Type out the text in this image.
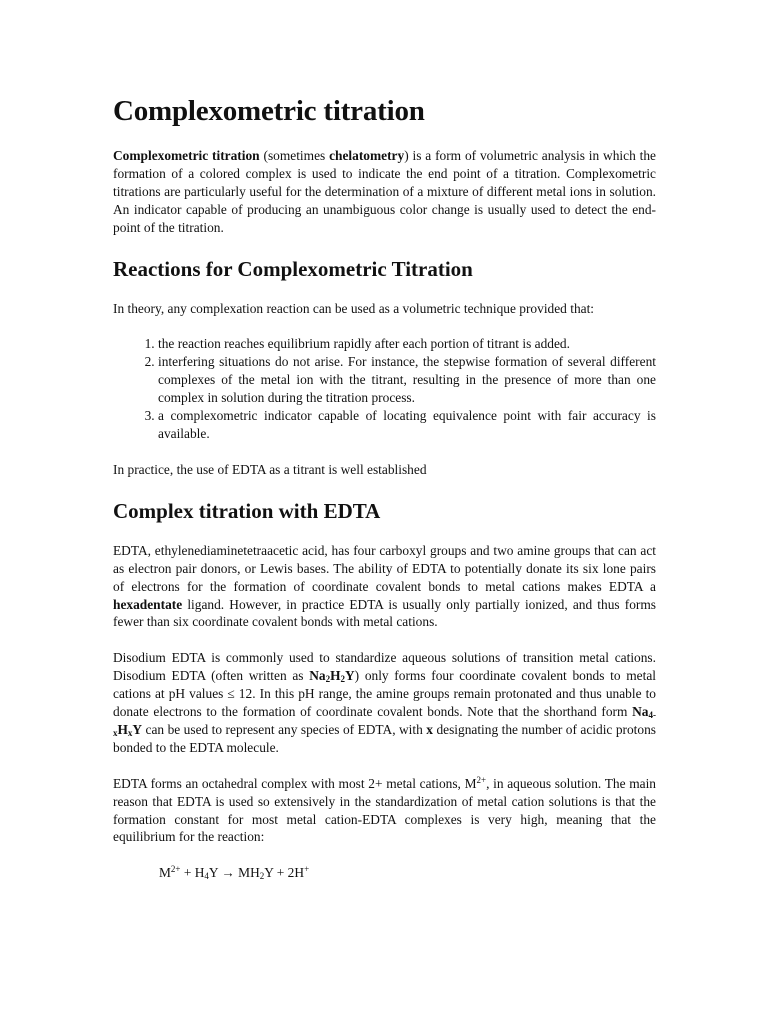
Complexometric titration

Complexometric titration (sometimes chelatometry) is a form of volumetric analysis in which the formation of a colored complex is used to indicate the end point of a titration. Complexometric titrations are particularly useful for the determination of a mixture of different metal ions in solution. An indicator capable of producing an unambiguous color change is usually used to detect the end-point of the titration.

Reactions for Complexometric Titration

In theory, any complexation reaction can be used as a volumetric technique provided that:

1. the reaction reaches equilibrium rapidly after each portion of titrant is added.
2. interfering situations do not arise. For instance, the stepwise formation of several different complexes of the metal ion with the titrant, resulting in the presence of more than one complex in solution during the titration process.
3. a complexometric indicator capable of locating equivalence point with fair accuracy is available.

In practice, the use of EDTA as a titrant is well established

Complex titration with EDTA

EDTA, ethylenediaminetetraacetic acid, has four carboxyl groups and two amine groups that can act as electron pair donors, or Lewis bases. The ability of EDTA to potentially donate its six lone pairs of electrons for the formation of coordinate covalent bonds to metal cations makes EDTA a hexadentate ligand. However, in practice EDTA is usually only partially ionized, and thus forms fewer than six coordinate covalent bonds with metal cations.

Disodium EDTA is commonly used to standardize aqueous solutions of transition metal cations. Disodium EDTA (often written as $Na_2H_2Y$) only forms four coordinate covalent bonds to metal cations at pH values ≤ 12. In this pH range, the amine groups remain protonated and thus unable to donate electrons to the formation of coordinate covalent bonds. Note that the shorthand form $Na_{4-x}H_xY$ can be used to represent any species of EDTA, with x designating the number of acidic protons bonded to the EDTA molecule.

EDTA forms an octahedral complex with most 2+ metal cations, $M^{2+}$, in aqueous solution. The main reason that EDTA is used so extensively in the standardization of metal cation solutions is that the formation constant for most metal cation-EDTA complexes is very high, meaning that the equilibrium for the reaction:

$M^{2+} + H_4Y \to MH_2Y + 2H^+$
